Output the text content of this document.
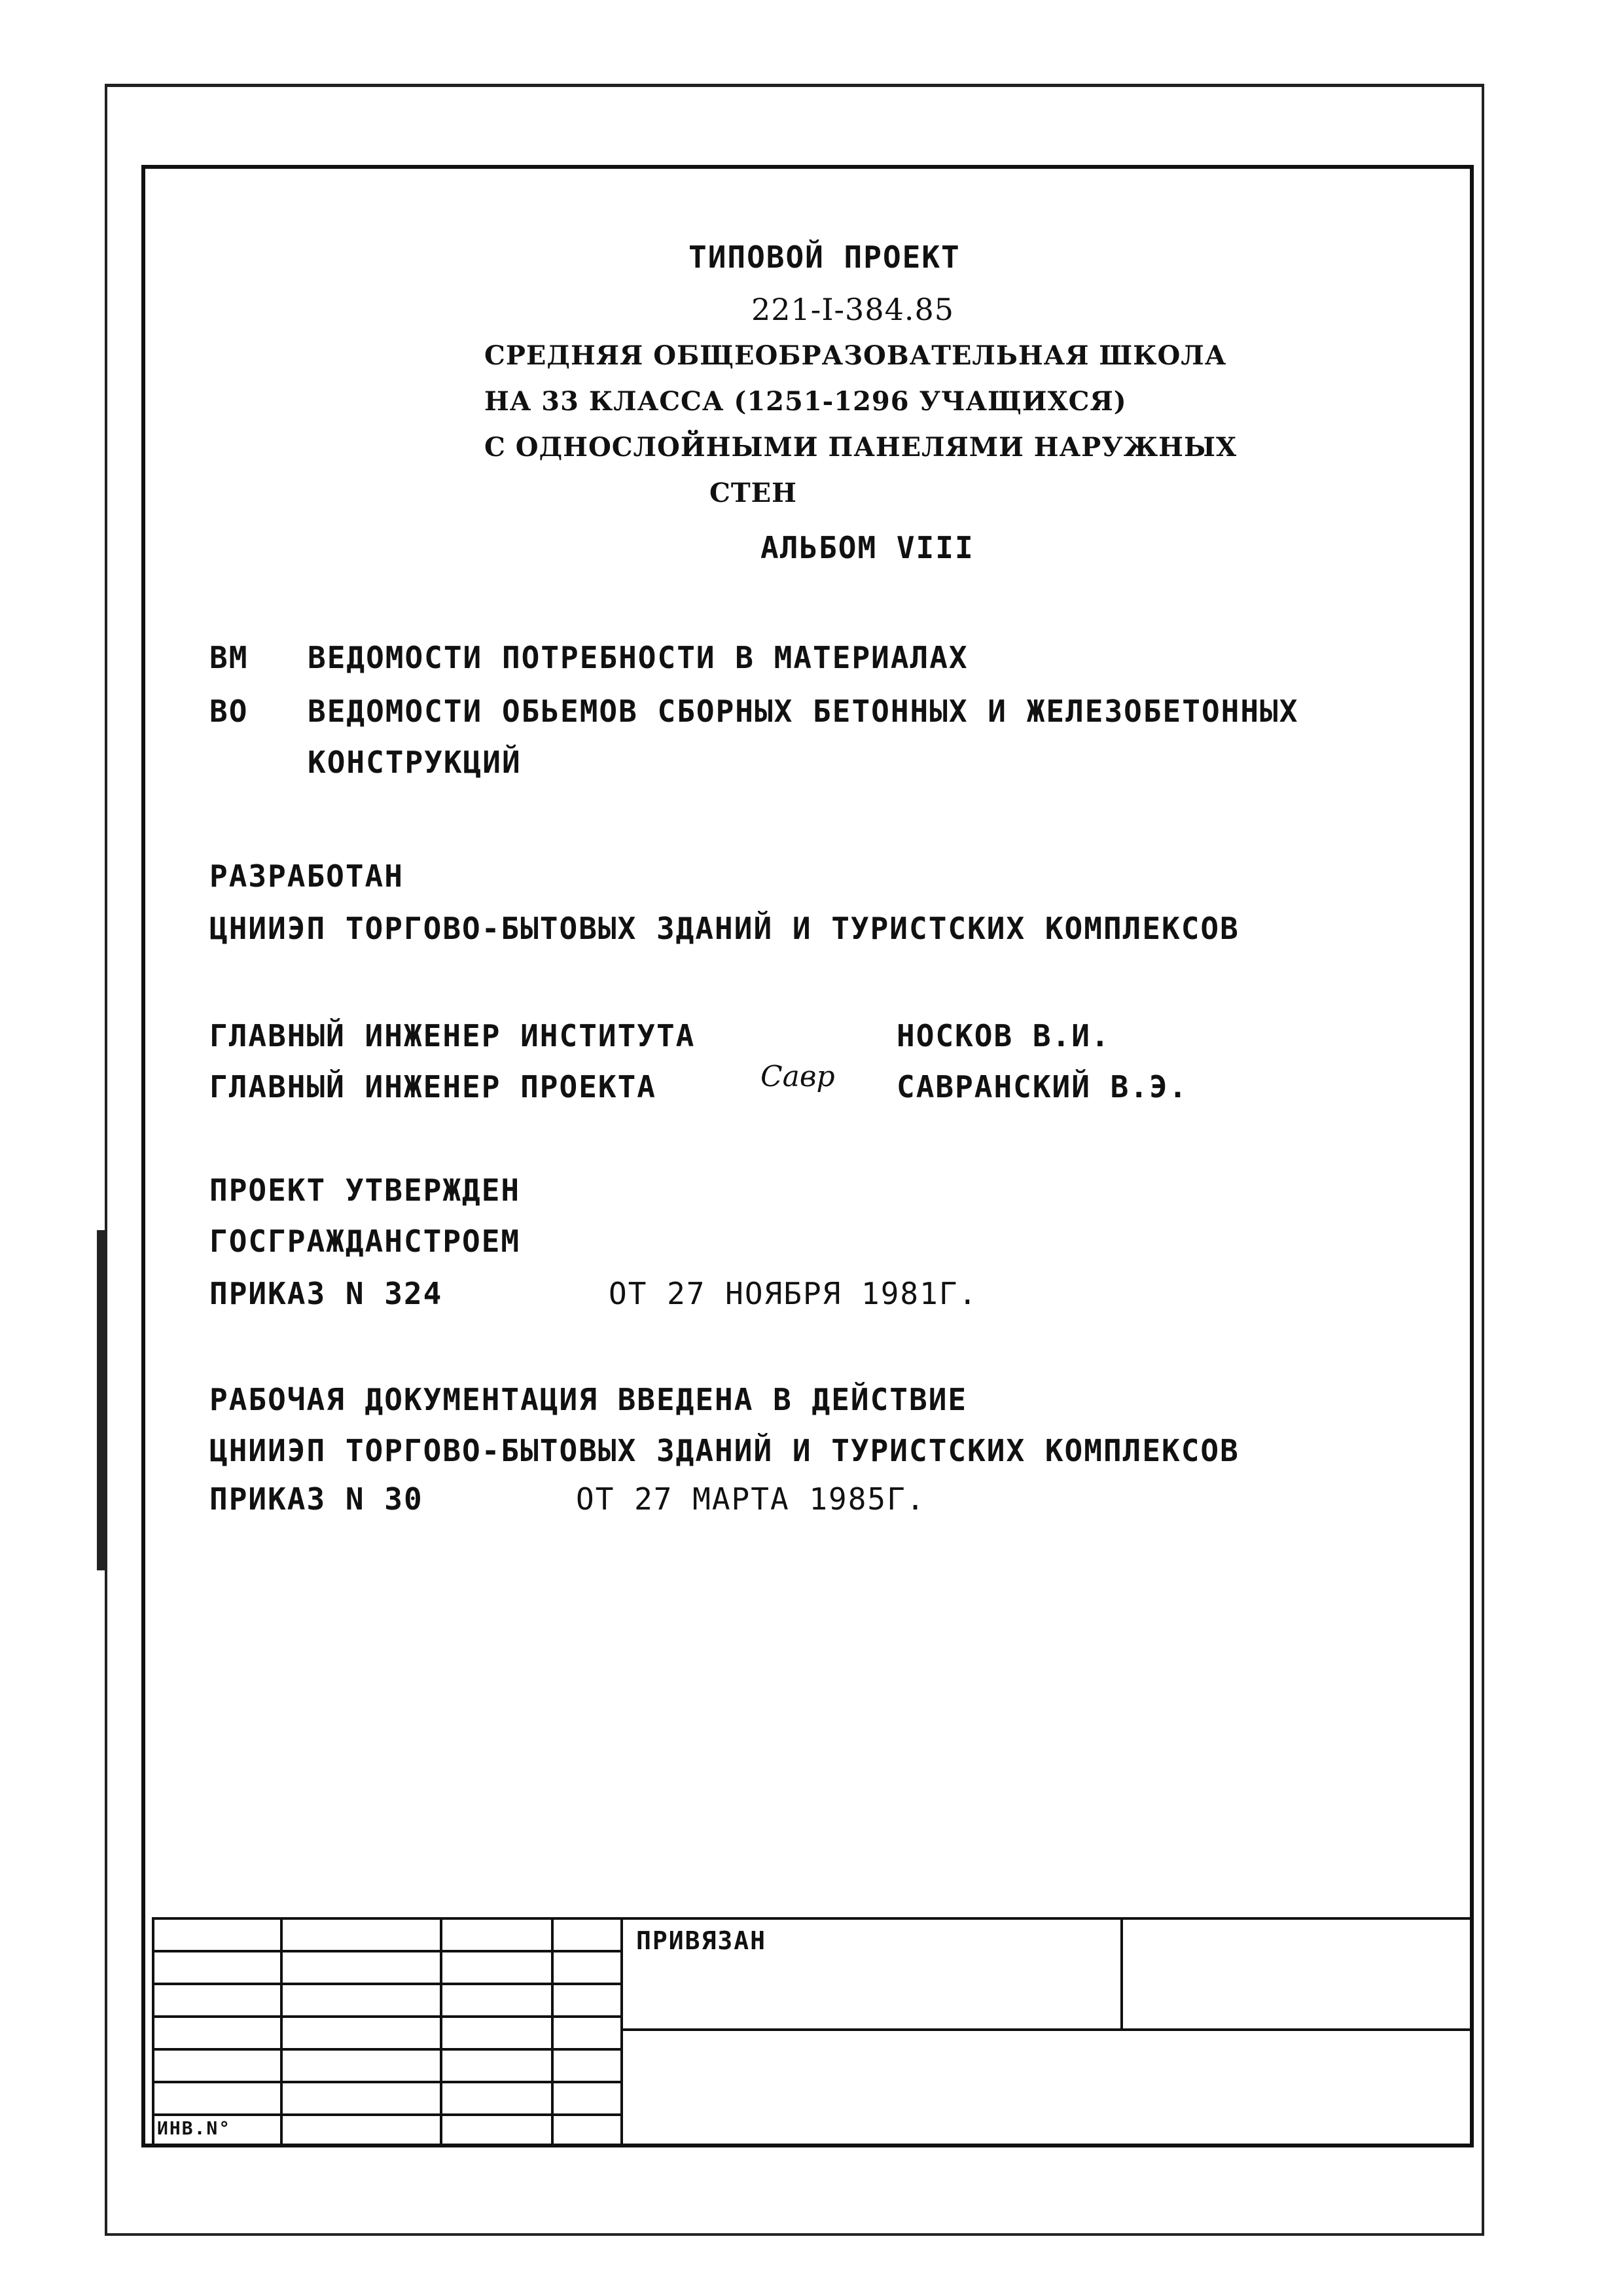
ТИПОВОЙ ПРОЕКТ
221-I-384.85
СРЕДНЯЯ ОБЩЕОБРАЗОВАТЕЛЬНАЯ ШКОЛА
НА 33 КЛАССА (1251-1296 УЧАЩИХСЯ)
С ОДНОСЛОЙНЫМИ ПАНЕЛЯМИ НАРУЖНЫХ
СТЕН
АЛЬБОМ VIII
ВМ ВЕДОМОСТИ ПОТРЕБНОСТИ В МАТЕРИАЛАХ
ВО ВЕДОМОСТИ ОБЬЕМОВ СБОРНЫХ БЕТОННЫХ И ЖЕЛЕЗОБЕТОННЫХ
КОНСТРУКЦИЙ
РАЗРАБОТАН
ЦНИИЭП ТОРГОВО-БЫТОВЫХ ЗДАНИЙ И ТУРИСТСКИХ КОМПЛЕКСОВ
ГЛАВНЫЙ ИНЖЕНЕР ИНСТИТУТА	НОСКОВ В.И.
ГЛАВНЫЙ ИНЖЕНЕР ПРОЕКТА	Савр САВРАНСКИЙ В.Э.
ПРОЕКТ УТВЕРЖДЕН
ГОСГРАЖДАНСТРОЕМ
ПРИКАЗ N 324	ОТ 27 НОЯБРЯ 1981Г.
РАБОЧАЯ ДОКУМЕНТАЦИЯ ВВЕДЕНА В ДЕЙСТВИЕ
ЦНИИЭП ТОРГОВО-БЫТОВЫХ ЗДАНИЙ И ТУРИСТСКИХ КОМПЛЕКСОВ
ПРИКАЗ N 30	ОТ 27 МАРТА 1985Г.
ПРИВЯЗАН
ИНВ.N°
